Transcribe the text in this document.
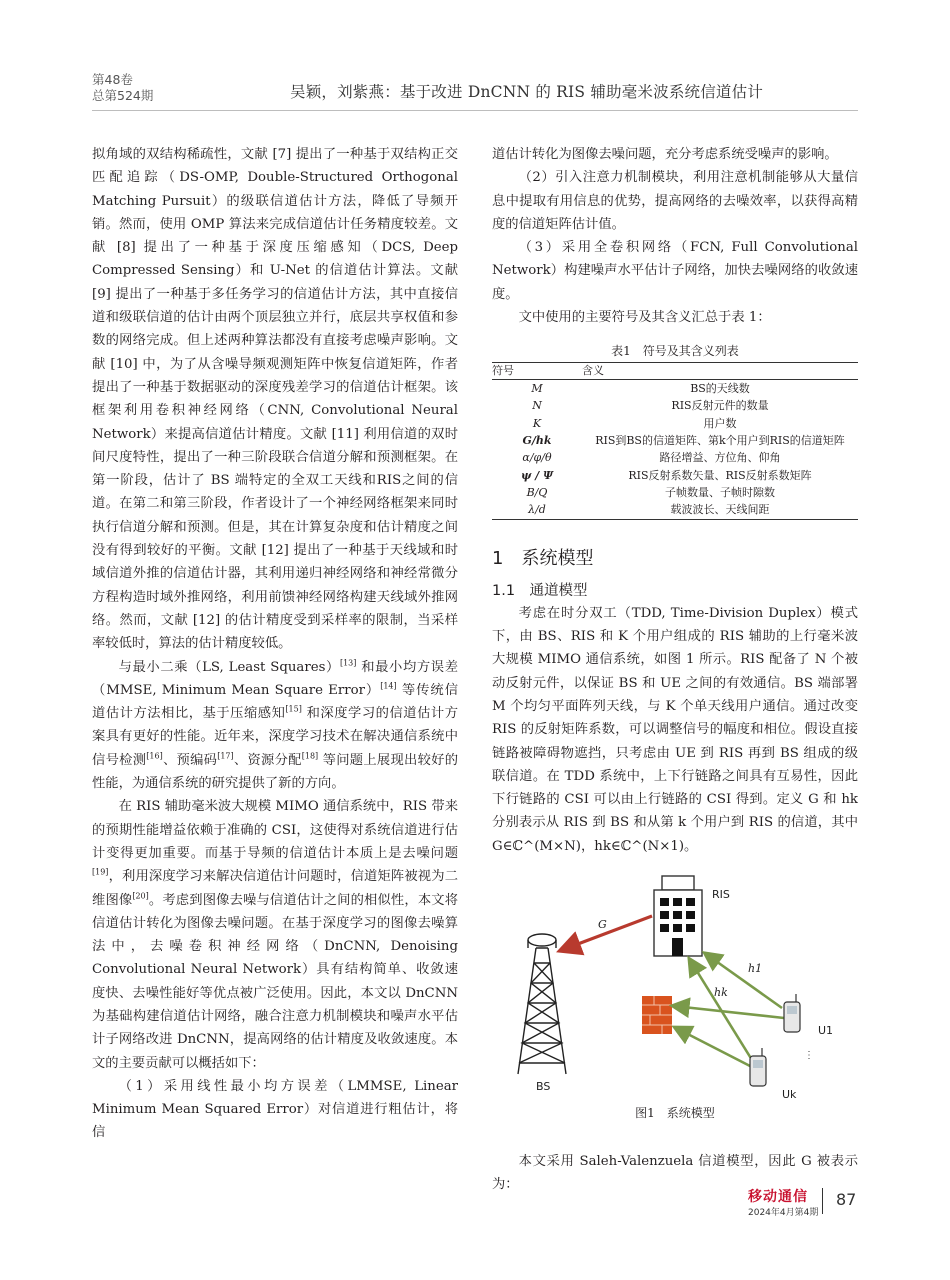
第48卷
总第524期	吴颖，刘紫燕：基于改进 DnCNN 的 RIS 辅助毫米波系统信道估计

拟角域的双结构稀疏性，文献 [7] 提出了一种基于双结构正交匹配追踪（DS-OMP, Double-Structured Orthogonal Matching Pursuit）的级联信道估计方法，降低了导频开销。然而，使用 OMP 算法来完成信道估计任务精度较差。文献 [8] 提出了一种基于深度压缩感知（DCS, Deep Compressed Sensing）和 U-Net 的信道估计算法。文献 [9] 提出了一种基于多任务学习的信道估计方法，其中直接信道和级联信道的估计由两个顶层独立并行，底层共享权值和参数的网络完成。但上述两种算法都没有直接考虑噪声影响。文献 [10] 中，为了从含噪导频观测矩阵中恢复信道矩阵，作者提出了一种基于数据驱动的深度残差学习的信道估计框架。该框架利用卷积神经网络（CNN, Convolutional Neural Network）来提高信道估计精度。文献 [11] 利用信道的双时间尺度特性，提出了一种三阶段联合信道分解和预测框架。在第一阶段，估计了 BS 端特定的全双工天线和RIS之间的信道。在第二和第三阶段，作者设计了一个神经网络框架来同时执行信道分解和预测。但是，其在计算复杂度和估计精度之间没有得到较好的平衡。文献 [12] 提出了一种基于天线域和时域信道外推的信道估计器，其利用递归神经网络和神经常微分方程构造时域外推网络，利用前馈神经网络构建天线域外推网络。然而，文献 [12] 的估计精度受到采样率的限制，当采样率较低时，算法的估计精度较低。

与最小二乘（LS, Least Squares）[13] 和最小均方误差（MMSE, Minimum Mean Square Error）[14] 等传统信道估计方法相比，基于压缩感知[15] 和深度学习的信道估计方案具有更好的性能。近年来，深度学习技术在解决通信系统中信号检测[16]、预编码[17]、资源分配[18] 等问题上展现出较好的性能，为通信系统的研究提供了新的方向。

在 RIS 辅助毫米波大规模 MIMO 通信系统中，RIS 带来的预期性能增益依赖于准确的 CSI，这使得对系统信道进行估计变得更加重要。而基于导频的信道估计本质上是去噪问题[19]，利用深度学习来解决信道估计问题时，信道矩阵被视为二维图像[20]。考虑到图像去噪与信道估计之间的相似性，本文将信道估计转化为图像去噪问题。在基于深度学习的图像去噪算法中，去噪卷积神经网络（DnCNN, Denoising Convolutional Neural Network）具有结构简单、收敛速度快、去噪性能好等优点被广泛使用。因此，本文以 DnCNN 为基础构建信道估计网络，融合注意力机制模块和噪声水平估计子网络改进 DnCNN，提高网络的估计精度及收敛速度。本文的主要贡献可以概括如下：

（1）采用线性最小均方误差（LMMSE, Linear Minimum Mean Squared Error）对信道进行粗估计，将信

道估计转化为图像去噪问题，充分考虑系统受噪声的影响。

（2）引入注意力机制模块，利用注意机制能够从大量信息中提取有用信息的优势，提高网络的去噪效率，以获得高精度的信道矩阵估计值。

（3）采用全卷积网络（FCN, Full Convolutional Network）构建噪声水平估计子网络，加快去噪网络的收敛速度。

文中使用的主要符号及其含义汇总于表 1：

表1　符号及其含义列表
符号	含义
M	BS的天线数
N	RIS反射元件的数量
K	用户数
G/hk	RIS到BS的信道矩阵、第k个用户到RIS的信道矩阵
α/φ/θ	路径增益、方位角、仰角
ψ / Ψ	RIS反射系数矢量、RIS反射系数矩阵
B/Q	子帧数量、子帧时隙数
λ/d	载波波长、天线间距
1　系统模型
1.1　通道模型

考虑在时分双工（TDD, Time-Division Duplex）模式下，由 BS、RIS 和 K 个用户组成的 RIS 辅助的上行毫米波大规模 MIMO 通信系统，如图 1 所示。RIS 配备了 N 个被动反射元件，以保证 BS 和 UE 之间的有效通信。BS 端部署 M 个均匀平面阵列天线，与 K 个单天线用户通信。通过改变 RIS 的反射矩阵系数，可以调整信号的幅度和相位。假设直接链路被障碍物遮挡，只考虑由 UE 到 RIS 再到 BS 组成的级联信道。在 TDD 系统中，上下行链路之间具有互易性，因此下行链路的 CSI 可以由上行链路的 CSI 得到。定义 G 和 hk 分别表示从 RIS 到 BS 和从第 k 个用户到 RIS 的信道，其中 G∈ℂ^(M×N)，hk∈ℂ^(N×1)。

RIS
BS
G
h1
hk
U1
Uk
⋮
图1　系统模型

本文采用 Saleh-Valenzuela 信道模型，因此 G 被表示为：

移动通信
2024年4月第4期
87
